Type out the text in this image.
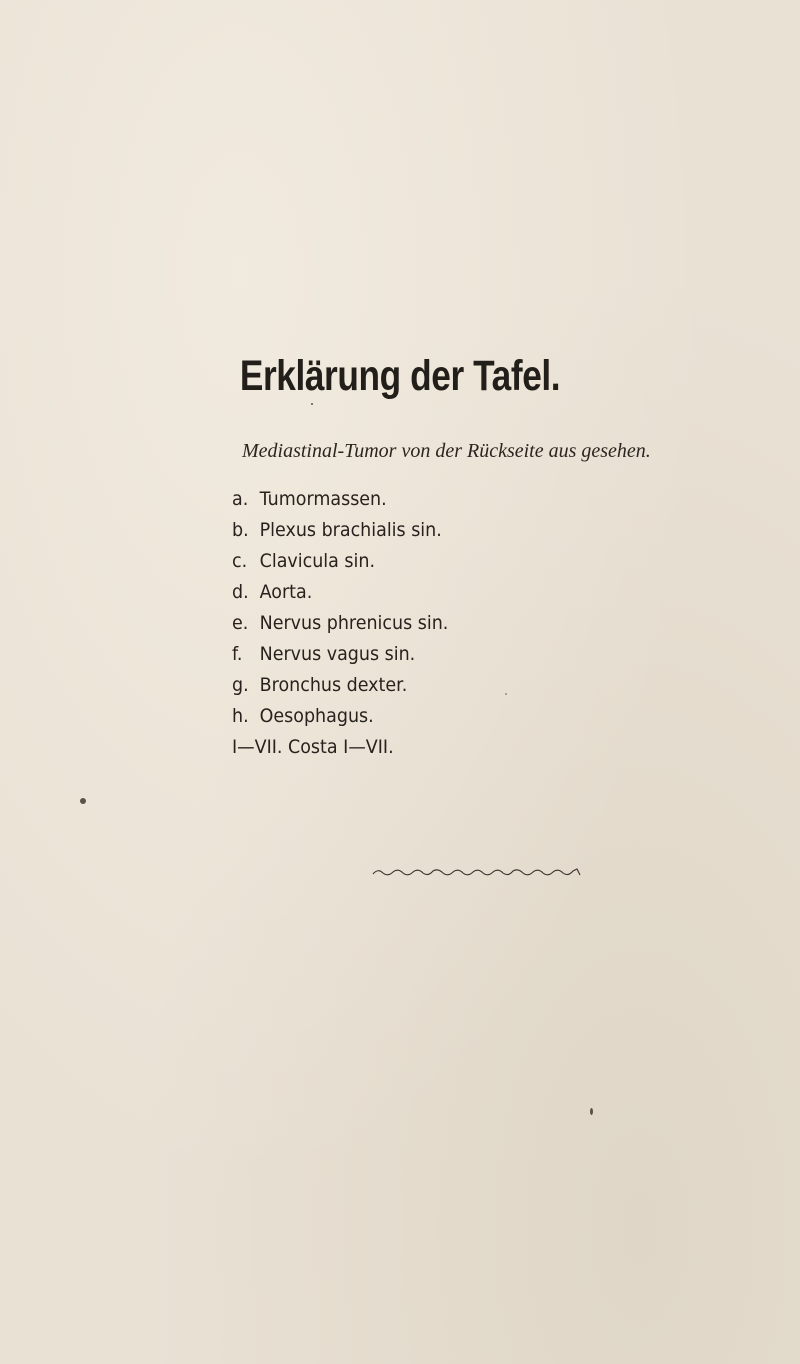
Erklärung der Tafel.

Mediastinal-Tumor von der Rückseite aus gesehen.

a. Tumormassen.
b. Plexus brachialis sin.
c. Clavicula sin.
d. Aorta.
e. Nervus phrenicus sin.
f. Nervus vagus sin.
g. Bronchus dexter.
h. Oesophagus.
I—VII. Costa I—VII.
